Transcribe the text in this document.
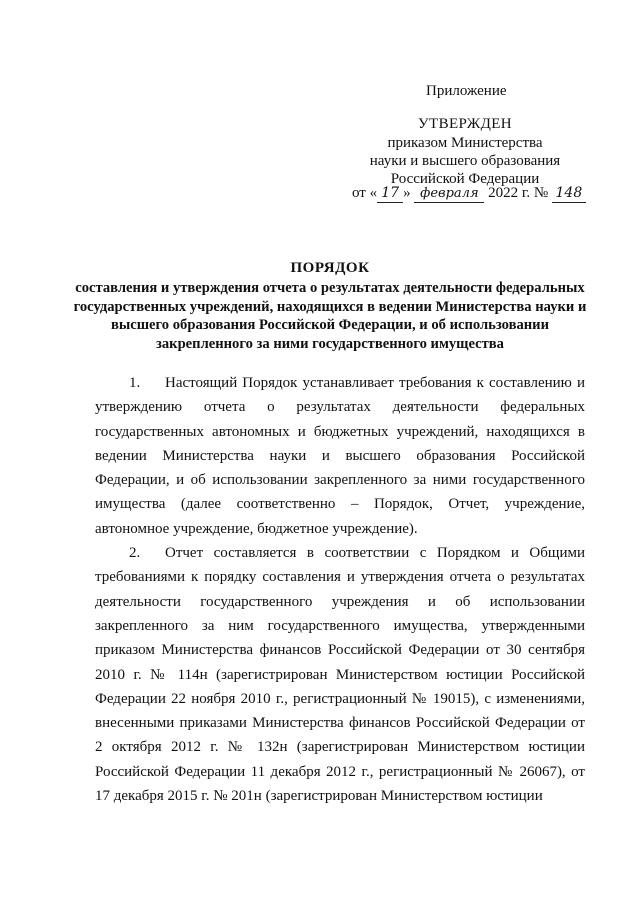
Приложение
УТВЕРЖДЕН
приказом Министерства
науки и высшего образования
Российской Федерации
от « 17 » февраля 2022 г. № 148
ПОРЯДОК
составления и утверждения отчета о результатах деятельности федеральных государственных учреждений, находящихся в ведении Министерства науки и высшего образования Российской Федерации, и об использовании закрепленного за ними государственного имущества

1. Настоящий Порядок устанавливает требования к составлению и утверждению отчета о результатах деятельности федеральных государственных автономных и бюджетных учреждений, находящихся в ведении Министерства науки и высшего образования Российской Федерации, и об использовании закрепленного за ними государственного имущества (далее соответственно – Порядок, Отчет, учреждение, автономное учреждение, бюджетное учреждение).

2. Отчет составляется в соответствии с Порядком и Общими требованиями к порядку составления и утверждения отчета о результатах деятельности государственного учреждения и об использовании закрепленного за ним государственного имущества, утвержденными приказом Министерства финансов Российской Федерации от 30 сентября 2010 г. № 114н (зарегистрирован Министерством юстиции Российской Федерации 22 ноября 2010 г., регистрационный № 19015), с изменениями, внесенными приказами Министерства финансов Российской Федерации от 2 октября 2012 г. № 132н (зарегистрирован Министерством юстиции Российской Федерации 11 декабря 2012 г., регистрационный № 26067), от 17 декабря 2015 г. № 201н (зарегистрирован Министерством юстиции
